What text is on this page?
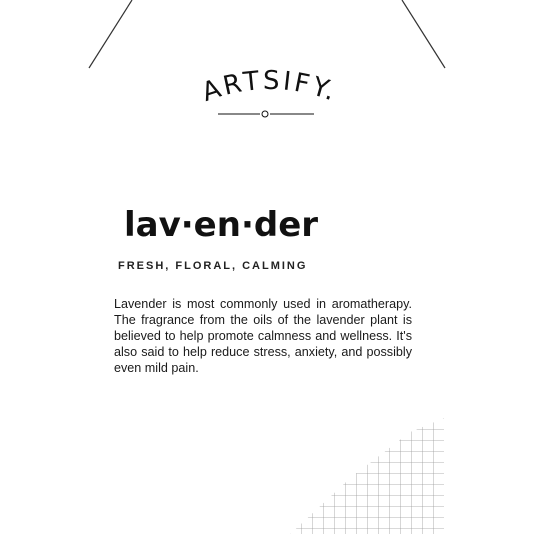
ARTSIFY.
lav·en·der
FRESH, FLORAL, CALMING
Lavender is most commonly used in aromatherapy. The fragrance from the oils of the lavender plant is believed to help promote calmness and wellness. It's also said to help reduce stress, anxiety, and possibly even mild pain.
